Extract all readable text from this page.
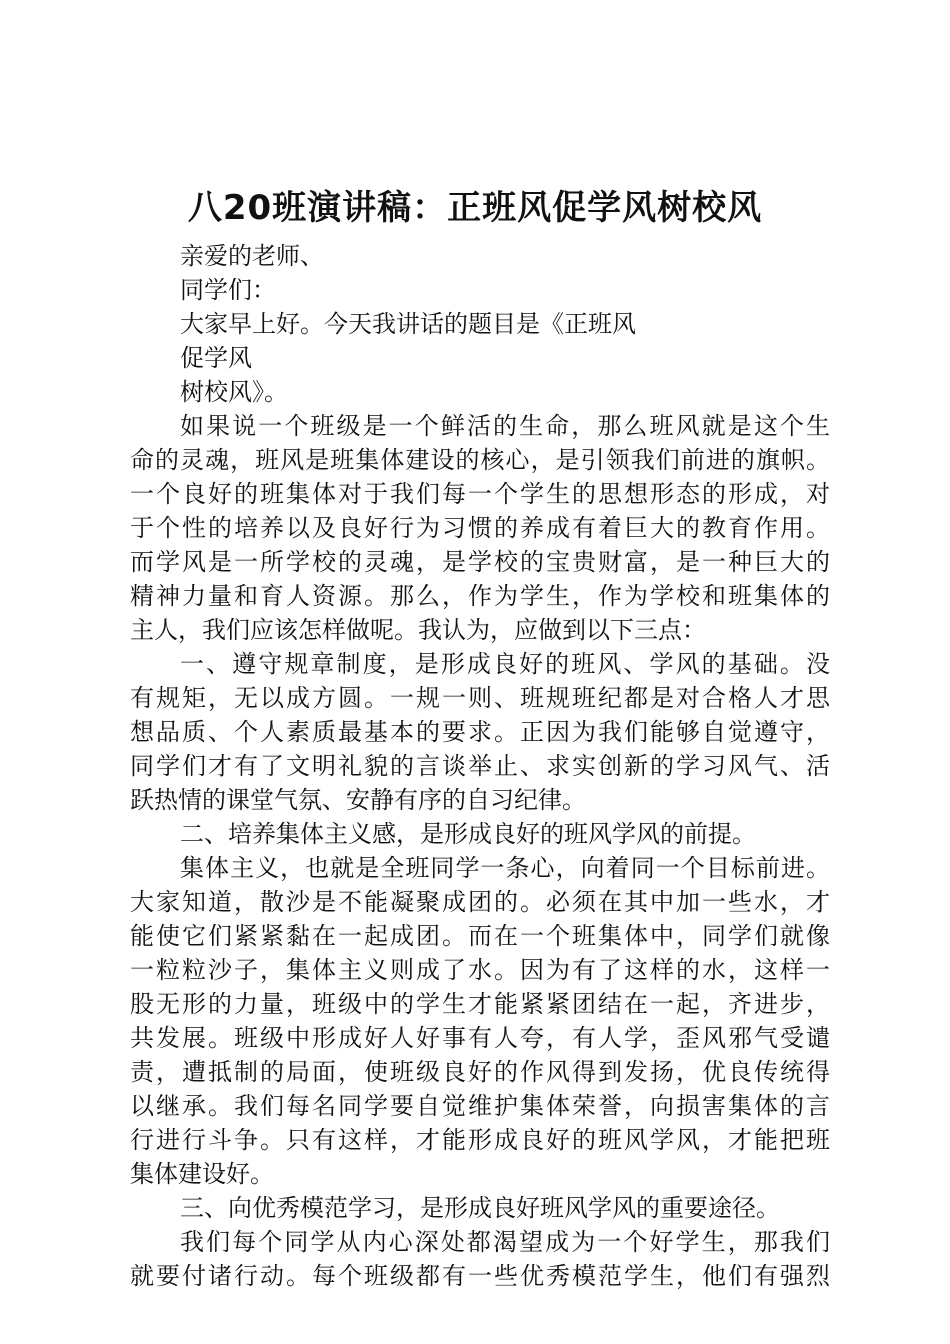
八20班演讲稿：正班风促学风树校风
亲爱的老师、
同学们：
大家早上好。今天我讲话的题目是《正班风
促学风
树校风》。
如果说一个班级是一个鲜活的生命，那么班风就是这个生
命的灵魂，班风是班集体建设的核心，是引领我们前进的旗帜。
一个良好的班集体对于我们每一个学生的思想形态的形成，对
于个性的培养以及良好行为习惯的养成有着巨大的教育作用。
而学风是一所学校的灵魂，是学校的宝贵财富，是一种巨大的
精神力量和育人资源。那么，作为学生，作为学校和班集体的
主人，我们应该怎样做呢。我认为，应做到以下三点：
一、遵守规章制度，是形成良好的班风、学风的基础。没
有规矩，无以成方圆。一规一则、班规班纪都是对合格人才思
想品质、个人素质最基本的要求。正因为我们能够自觉遵守，
同学们才有了文明礼貌的言谈举止、求实创新的学习风气、活
跃热情的课堂气氛、安静有序的自习纪律。
二、培养集体主义感，是形成良好的班风学风的前提。
集体主义，也就是全班同学一条心，向着同一个目标前进。
大家知道，散沙是不能凝聚成团的。必须在其中加一些水，才
能使它们紧紧黏在一起成团。而在一个班集体中，同学们就像
一粒粒沙子，集体主义则成了水。因为有了这样的水，这样一
股无形的力量，班级中的学生才能紧紧团结在一起，齐进步，
共发展。班级中形成好人好事有人夸，有人学，歪风邪气受谴
责，遭抵制的局面，使班级良好的作风得到发扬，优良传统得
以继承。我们每名同学要自觉维护集体荣誉，向损害集体的言
行进行斗争。只有这样，才能形成良好的班风学风，才能把班
集体建设好。
三、向优秀模范学习，是形成良好班风学风的重要途径。
我们每个同学从内心深处都渴望成为一个好学生，那我们
就要付诸行动。每个班级都有一些优秀模范学生，他们有强烈
